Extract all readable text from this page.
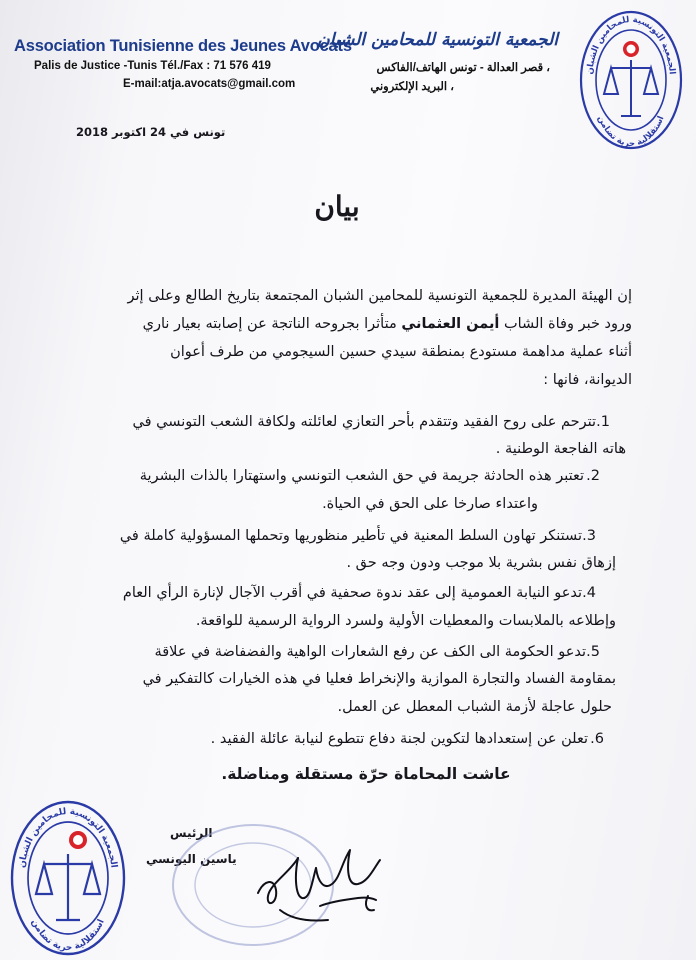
Association Tunisienne des Jeunes Avocats
الجمعية التونسية للمحامين الشبان
Palis de Justice -Tunis Tél./Fax : 71 576 419	، قصر العدالة - تونس الهاتف/الفاكس
E-mail:atja.avocats@gmail.com	، البريد الإلكتروني
الجمعية التونسية للمحامين الشبان
استقلالية حرية تضامن
تونس في 24 اكتوبر 2018
بيان
إن الهيئة المديرة للجمعية التونسية للمحامين الشبان المجتمعة بتاريخ الطالع وعلى إثر
ورود خبر وفاة الشاب أيمن العثماني متأثرا بجروحه الناتجة عن إصابته بعيار ناري
أثناء عملية مداهمة مستودع بمنطقة سيدي حسين السيجومي من طرف أعوان
الديوانة، فانها :
تترحم على روح الفقيد وتتقدم بأحر التعازي لعائلته ولكافة الشعب التونسي في 1.
هاته الفاجعة الوطنية .
تعتبر هذه الحادثة جريمة في حق الشعب التونسي واستهتارا بالذات البشرية 2.
واعتداء صارخا على الحق في الحياة.
تستنكر تهاون السلط المعنية في تأطير منظوريها وتحملها المسؤولية كاملة في 3.
إزهاق نفس بشرية بلا موجب ودون وجه حق .
تدعو النيابة العمومية إلى عقد ندوة صحفية في أقرب الآجال لإنارة الرأي العام 4.
وإطلاعه بالملابسات والمعطيات الأولية ولسرد الرواية الرسمية للواقعة.
تدعو الحكومة الى الكف عن رفع الشعارات الواهية والفضفاضة في علاقة 5.
بمقاومة الفساد والتجارة الموازية والإنخراط فعليا في هذه الخيارات كالتفكير في
حلول عاجلة لأزمة الشباب المعطل عن العمل.
تعلن عن إستعدادها لتكوين لجنة دفاع تتطوع لنيابة عائلة الفقيد . 6.
عاشت المحاماة حرّة مستقلة ومناضلة.
الجمعية التونسية للمحامين الشبان
استقلالية حرية تضامن
الرئيس
ياسين اليونسي
